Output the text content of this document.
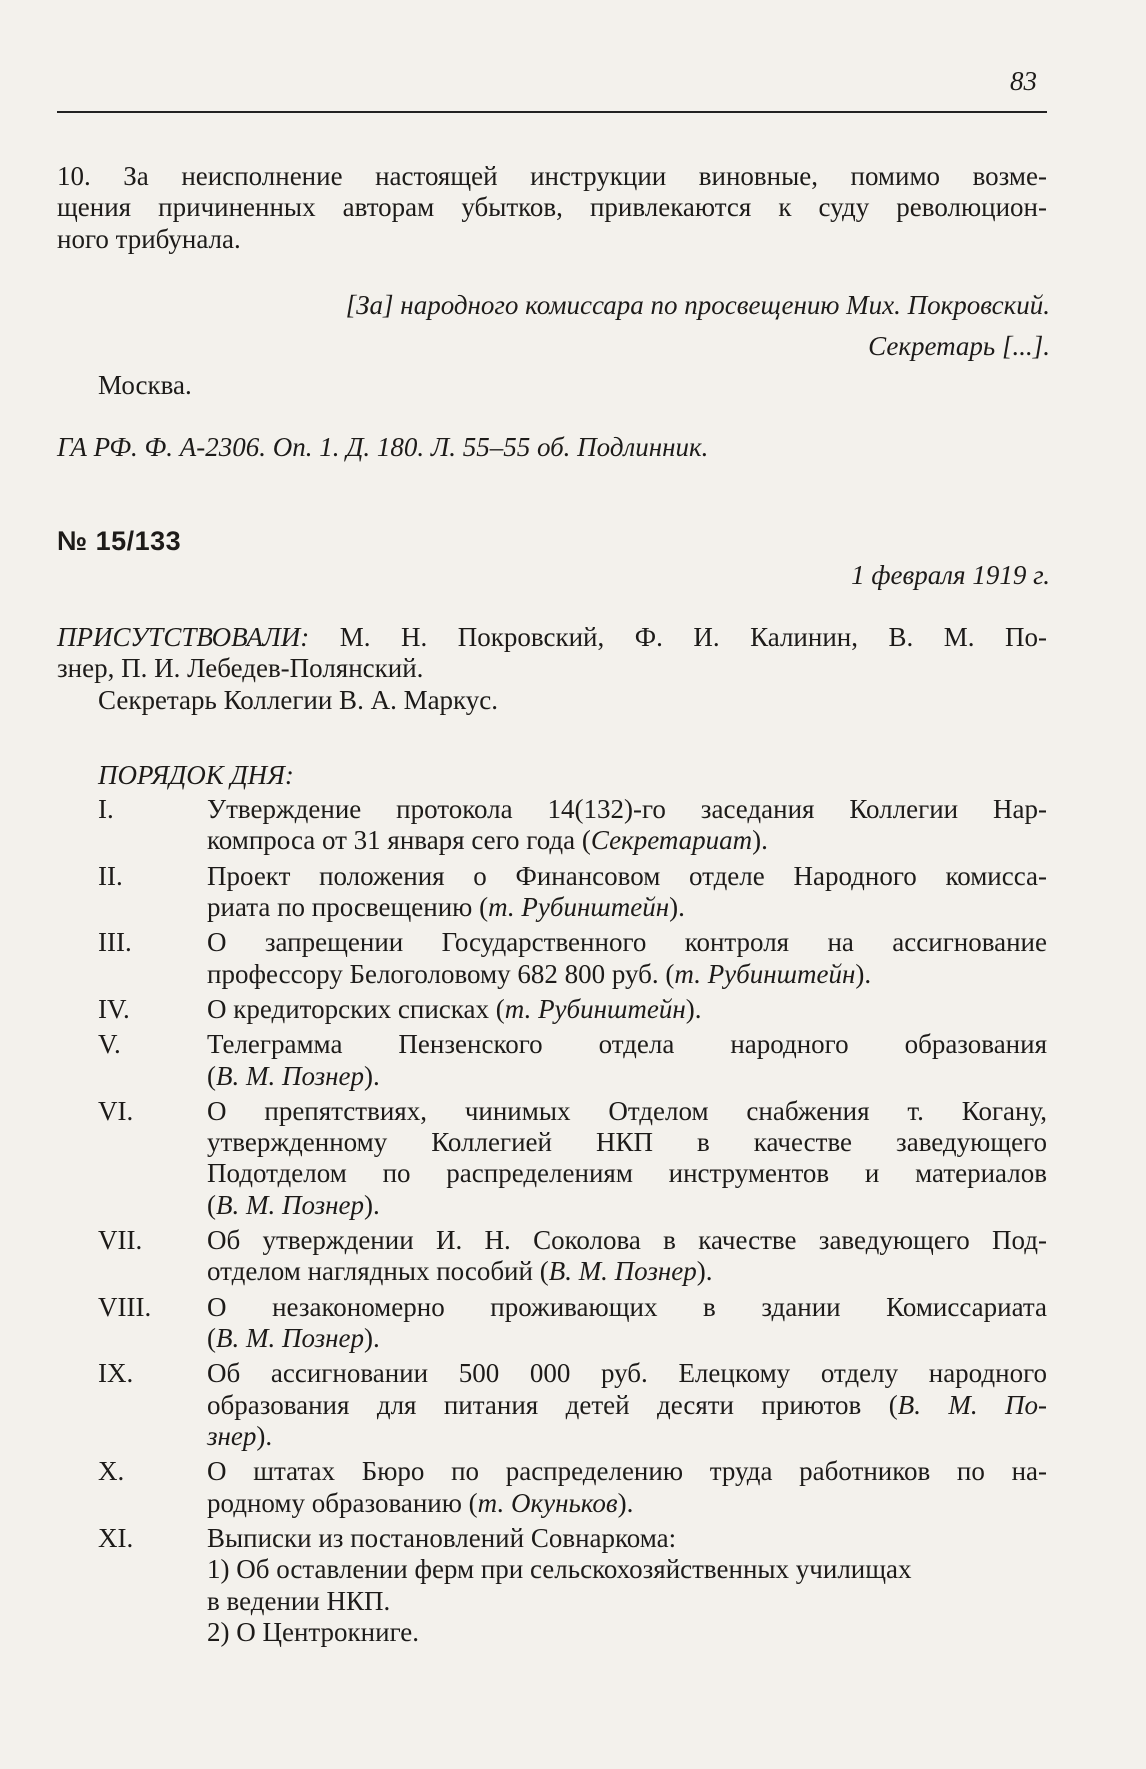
83
10. За неисполнение настоящей инструкции виновные, помимо возме-
щения причиненных авторам убытков, привлекаются к суду революцион-
ного трибунала.
[За] народного комиссара по просвещению Мих. Покровский.
Секретарь [...].
Москва.
ГА РФ. Ф. А-2306. Оп. 1. Д. 180. Л. 55–55 об. Подлинник.
№ 15/133
1 февраля 1919 г.
ПРИСУТСТВОВАЛИ: М. Н. Покровский, Ф. И. Калинин, В. М. По-
знер, П. И. Лебедев-Полянский.
Секретарь Коллегии В. А. Маркус.
ПОРЯДОК ДНЯ:
I.	Утверждение протокола 14(132)-го заседания Коллегии Нар-
компроса от 31 января сего года (Секретариат).
II.	Проект положения о Финансовом отделе Народного комисса-
риата по просвещению (т. Рубинштейн).
III.	О запрещении Государственного контроля на ассигнование
профессору Белоголовому 682 800 руб. (т. Рубинштейн).
IV.	О кредиторских списках (т. Рубинштейн).
V.	Телеграмма Пензенского отдела народного образования
(В. М. Познер).
VI.	О препятствиях, чинимых Отделом снабжения т. Когану,
утвержденному Коллегией НКП в качестве заведующего
Подотделом по распределениям инструментов и материалов
(В. М. Познер).
VII.	Об утверждении И. Н. Соколова в качестве заведующего Под-
отделом наглядных пособий (В. М. Познер).
VIII.	О незакономерно проживающих в здании Комиссариата
(В. М. Познер).
IX.	Об ассигновании 500 000 руб. Елецкому отделу народного
образования для питания детей десяти приютов (В. М. По-
знер).
X.	О штатах Бюро по распределению труда работников по на-
родному образованию (т. Окуньков).
XI.	Выписки из постановлений Совнаркома:
1) Об оставлении ферм при сельскохозяйственных училищах
в ведении НКП.
2) О Центрокниге.
